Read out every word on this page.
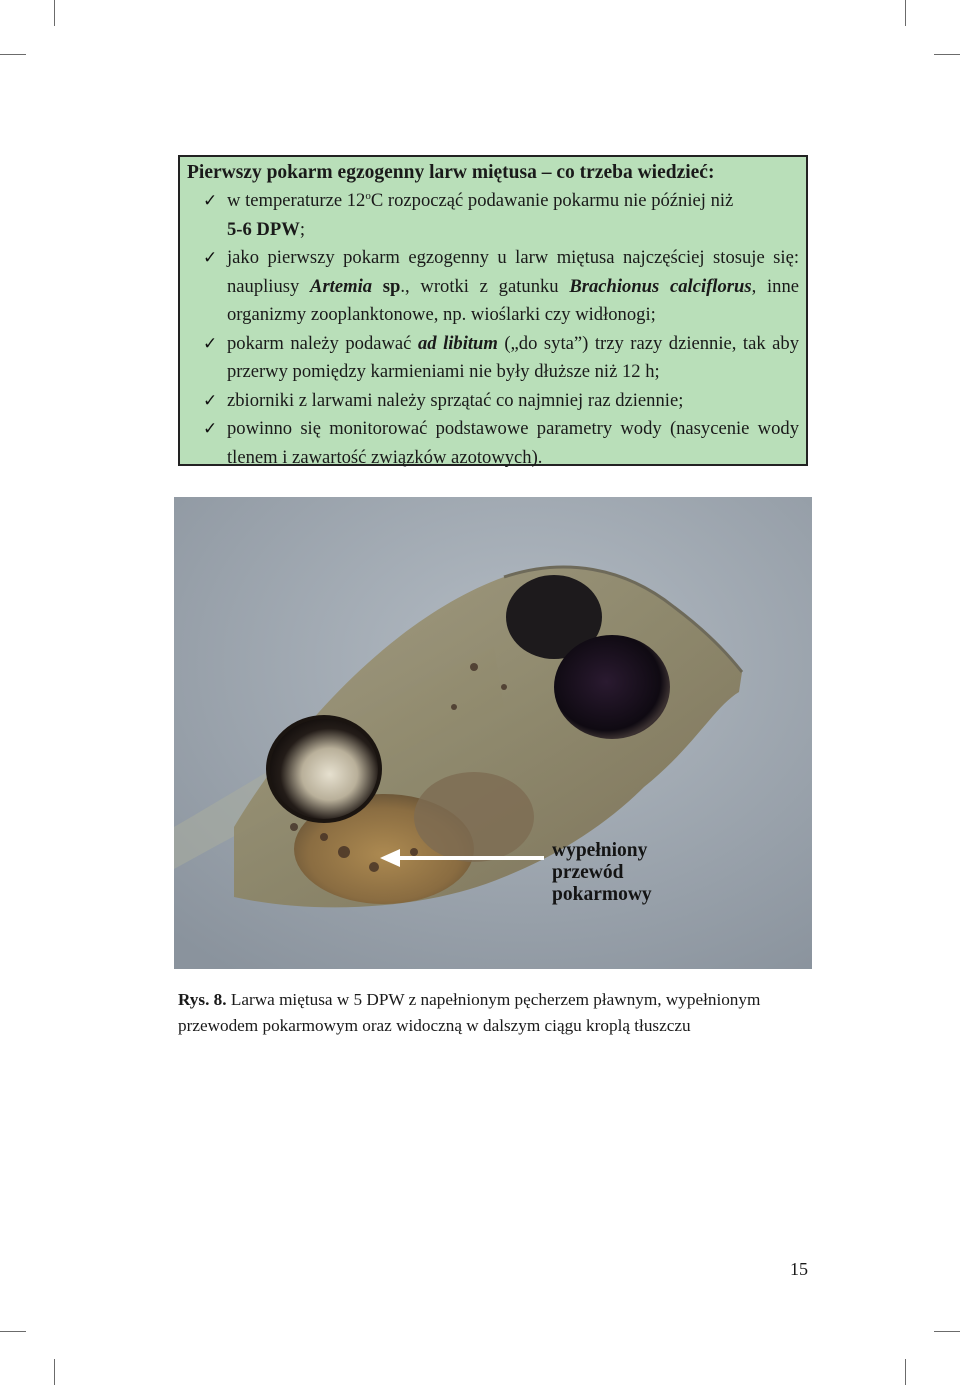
Pierwszy pokarm egzogenny larw miętusa – co trzeba wiedzieć:

✓ w temperaturze 12$^o$C rozpocząć podawanie pokarmu nie później niż
5-6 DPW;
✓ jako pierwszy pokarm egzogenny u larw miętusa najczęściej stosuje się: naupliusy Artemia sp., wrotki z gatunku Brachionus calciflorus, inne organizmy zooplanktonowe, np. wioślarki czy widłonogi;
✓ pokarm należy podawać ad libitum („do syta”) trzy razy dziennie, tak aby przerwy pomiędzy karmieniami nie były dłuższe niż 12 h;
✓ zbiorniki z larwami należy sprzątać co najmniej raz dziennie;
✓ powinno się monitorować podstawowe parametry wody (nasycenie wody tlenem i zawartość związków azotowych).
wypełniony
przewód
pokarmowy
Rys. 8. Larwa miętusa w 5 DPW z napełnionym pęcherzem pławnym, wypełnionym
przewodem pokarmowym oraz widoczną w dalszym ciągu kroplą tłuszczu
15
